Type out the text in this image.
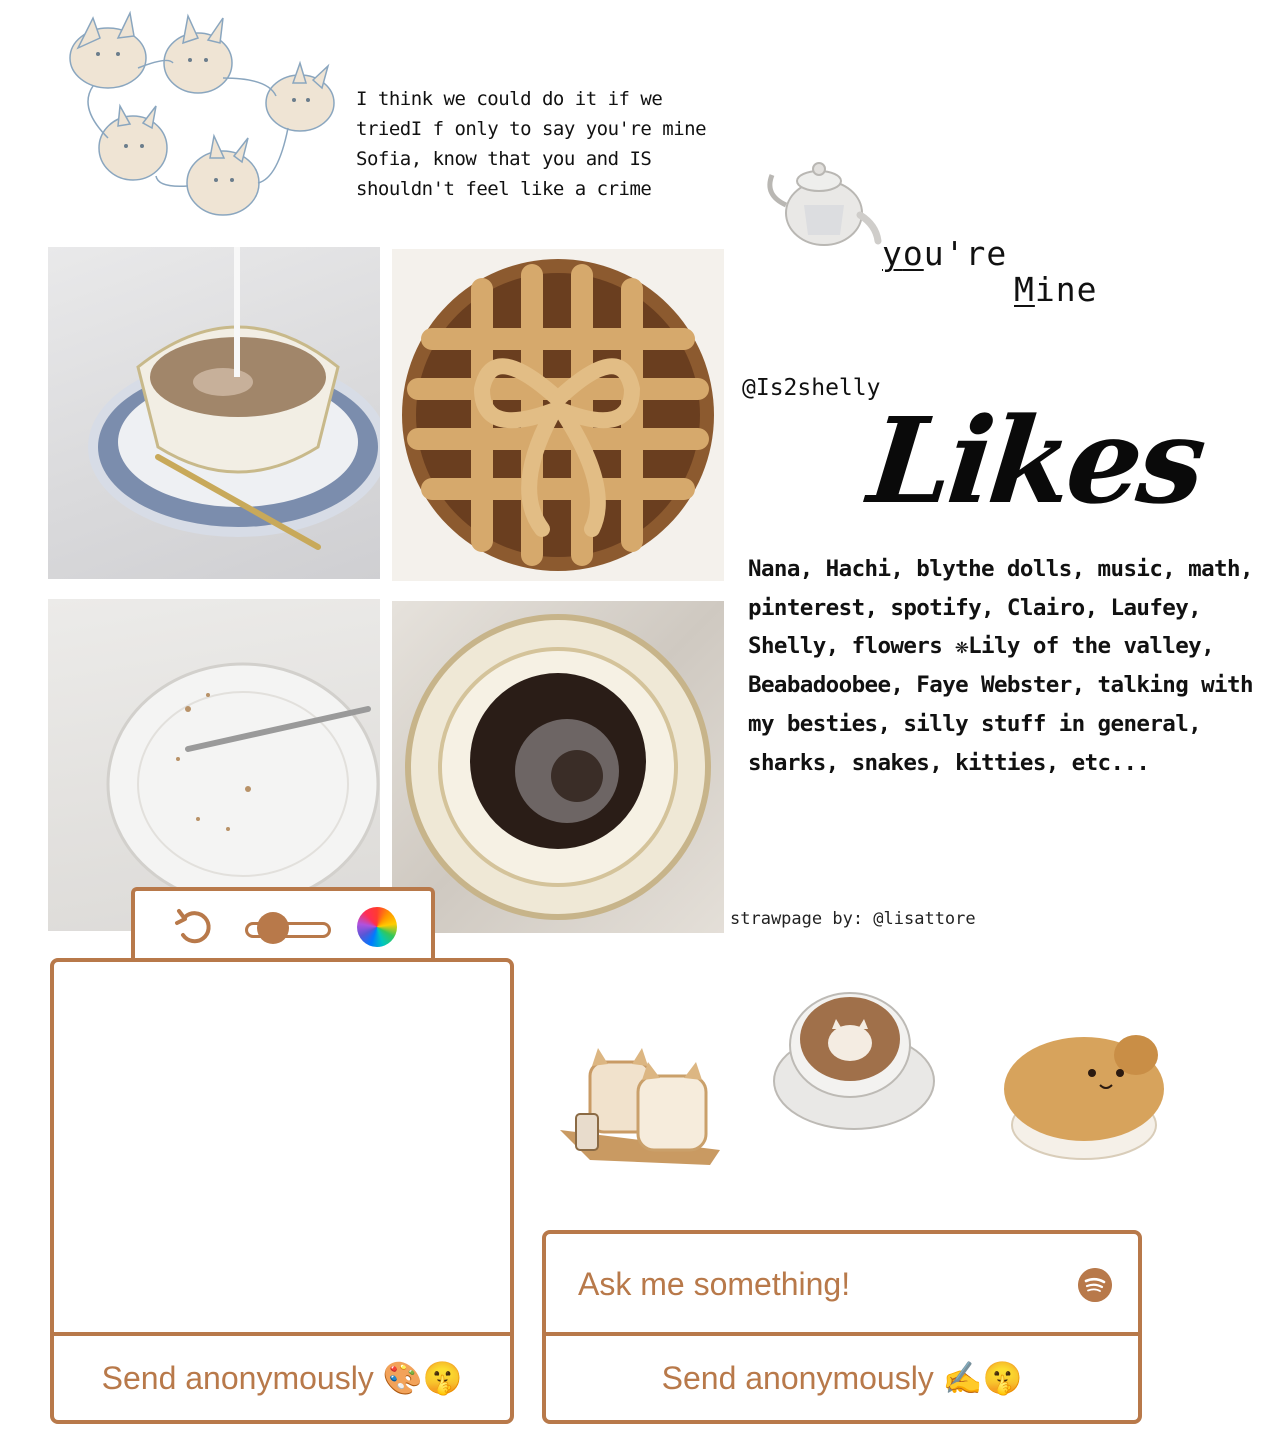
I think we could do it if we
triedI f only to say you're mine
Sofia, know that you and IS
shouldn't feel like a crime
you're
Mine
@Is2shelly
Likes
Nana, Hachi, blythe dolls, music, math, pinterest, spotify, Clairo, Laufey, Shelly, flowers ❋Lily of the valley, Beabadoobee, Faye Webster, talking with my besties, silly stuff in general, sharks, snakes, kitties, etc...
strawpage by: @lisattore
Send anonymously 🎨🤫
Ask me something!	Send anonymously ✍️🤫
